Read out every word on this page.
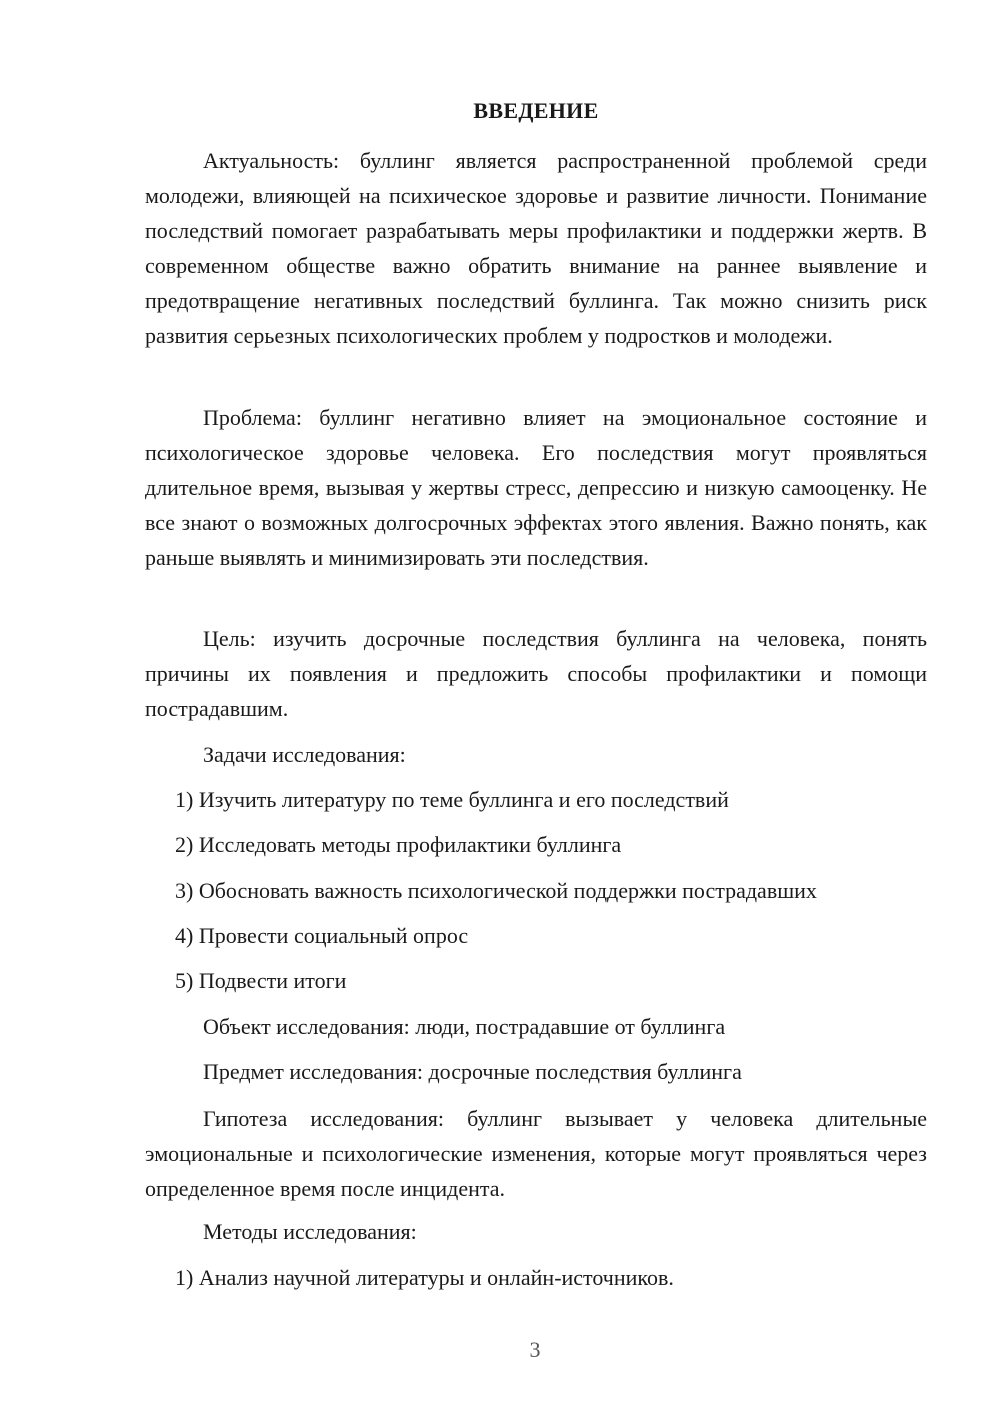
ВВЕДЕНИЕ

Актуальность: буллинг является распространенной проблемой среди молодежи, влияющей на психическое здоровье и развитие личности. Понимание последствий помогает разрабатывать меры профилактики и поддержки жертв. В современном обществе важно обратить внимание на раннее выявление и предотвращение негативных последствий буллинга. Так можно снизить риск развития серьезных психологических проблем у подростков и молодежи.

Проблема: буллинг негативно влияет на эмоциональное состояние и психологическое здоровье человека. Его последствия могут проявляться длительное время, вызывая у жертвы стресс, депрессию и низкую самооценку. Не все знают о возможных долгосрочных эффектах этого явления. Важно понять, как раньше выявлять и минимизировать эти последствия.

Цель: изучить досрочные последствия буллинга на человека, понять причины их появления и предложить способы профилактики и помощи пострадавшим.

Задачи исследования:

1) Изучить литературу по теме буллинга и его последствий

2) Исследовать методы профилактики буллинга

3) Обосновать важность психологической поддержки пострадавших

4) Провести социальный опрос

5) Подвести итоги

Объект исследования: люди, пострадавшие от буллинга

Предмет исследования: досрочные последствия буллинга

Гипотеза исследования: буллинг вызывает у человека длительные эмоциональные и психологические изменения, которые могут проявляться через определенное время после инцидента.

Методы исследования:

1) Анализ научной литературы и онлайн-источников.

3
